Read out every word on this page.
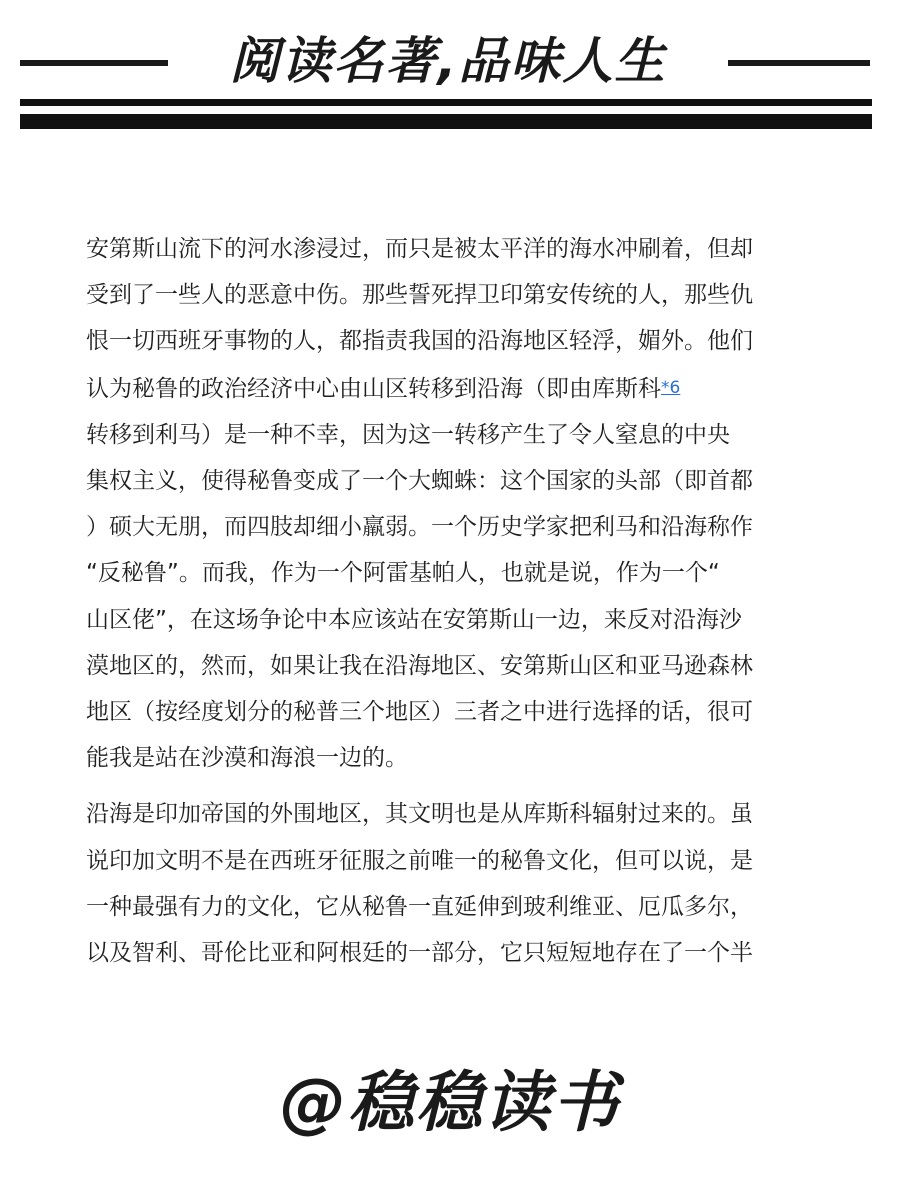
阅读名著,品味人生

安第斯山流下的河水渗浸过，而只是被太平洋的海水冲刷着，但却
受到了一些人的恶意中伤。那些誓死捍卫印第安传统的人，那些仇
恨一切西班牙事物的人，都指责我国的沿海地区轻浮，媚外。他们
认为秘鲁的政治经济中心由山区转移到沿海（即由库斯科*6
转移到利马）是一种不幸，因为这一转移产生了令人窒息的中央
集权主义，使得秘鲁变成了一个大蜘蛛：这个国家的头部（即首都
）硕大无朋，而四肢却细小羸弱。一个历史学家把利马和沿海称作
“反秘鲁”。而我，作为一个阿雷基帕人，也就是说，作为一个“
山区佬”，在这场争论中本应该站在安第斯山一边，来反对沿海沙
漠地区的，然而，如果让我在沿海地区、安第斯山区和亚马逊森林
地区（按经度划分的秘普三个地区）三者之中进行选择的话，很可
能我是站在沙漠和海浪一边的。

沿海是印加帝国的外围地区，其文明也是从库斯科辐射过来的。虽
说印加文明不是在西班牙征服之前唯一的秘鲁文化，但可以说，是
一种最强有力的文化，它从秘鲁一直延伸到玻利维亚、厄瓜多尔，
以及智利、哥伦比亚和阿根廷的一部分，它只短短地存在了一个半

@稳稳读书
